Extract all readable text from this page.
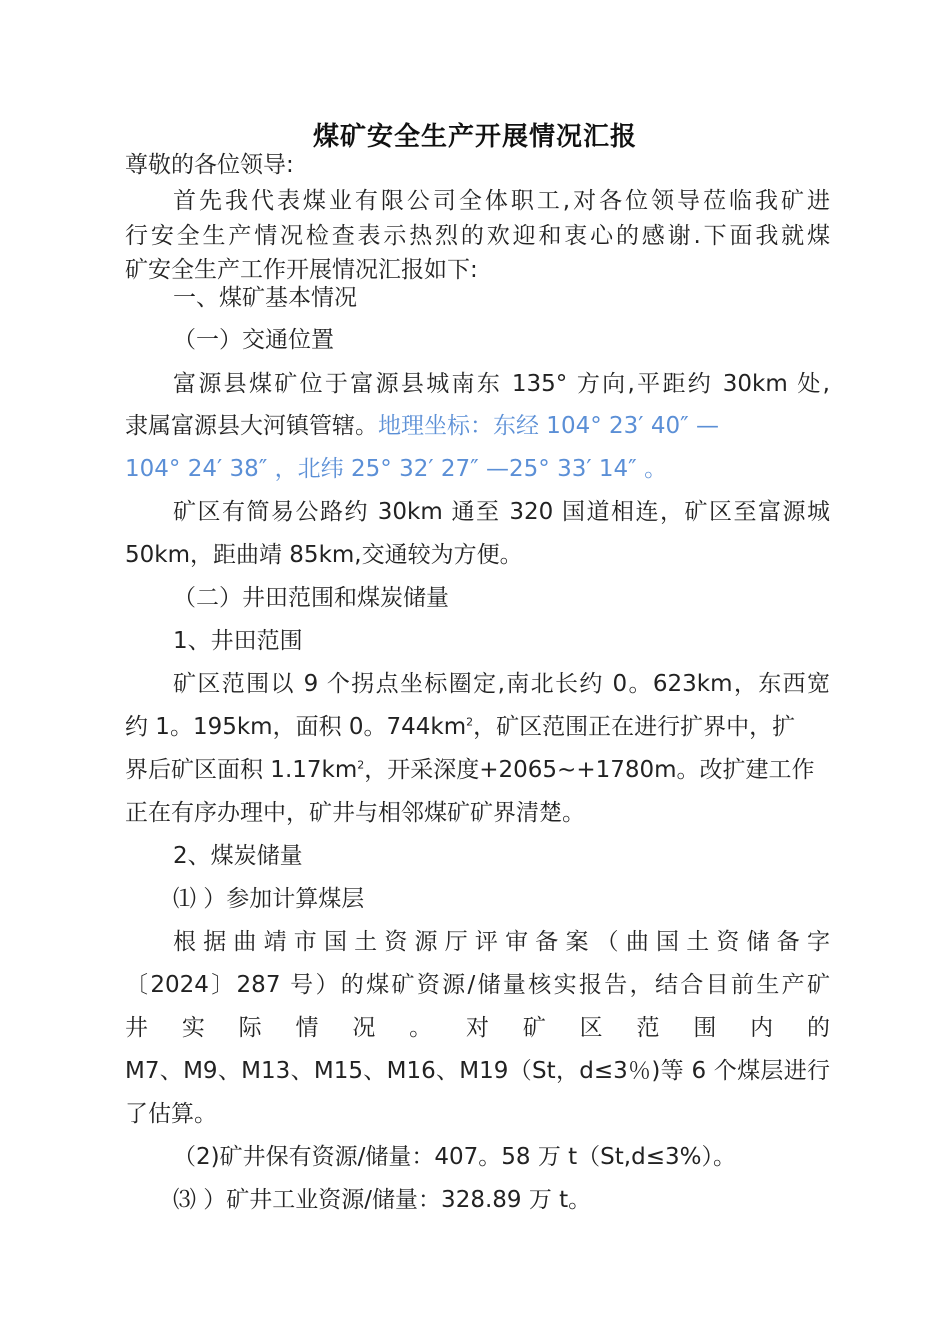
煤矿安全生产开展情况汇报
尊敬的各位领导:
首先我代表煤业有限公司全体职工,对各位领导莅临我矿进
行安全生产情况检查表示热烈的欢迎和衷心的感谢.下面我就煤
矿安全生产工作开展情况汇报如下:
一、煤矿基本情况
（一）交通位置
富源县煤矿位于富源县城南东 135° 方向,平距约 30km 处,
隶属富源县大河镇管辖。地理坐标：东经 104° 23′ 40″ —
104° 24′ 38″ ，北纬 25° 32′ 27″ —25° 33′ 14″ 。
矿区有简易公路约 30km 通至 320 国道相连，矿区至富源城
50km，距曲靖 85km,交通较为方便。
（二）井田范围和煤炭储量
1、井田范围
矿区范围以 9 个拐点坐标圈定,南北长约 0。623km，东西宽
约 1。195km，面积 0。$744km^2$，矿区范围正在进行扩界中，扩
界后矿区面积 $1.17km^2$，开采深度+2065~+1780m。改扩建工作
正在有序办理中，矿井与相邻煤矿矿界清楚。
2、煤炭储量
⑴ ）参加计算煤层
根据曲靖市国土资源厅评审备案（曲国土资储备字
〔2024〕287 号）的煤矿资源/储量核实报告，结合目前生产矿
井 实 际 情 况 。 对 矿 区 范 围 内 的
M7、M9、M13、M15、M16、M19（St，d≤3％)等 6 个煤层进行
了估算。
（2)矿井保有资源/储量：407。58 万 t（St,d≤3%）。
⑶ ）矿井工业资源/储量：328.89 万 t。
